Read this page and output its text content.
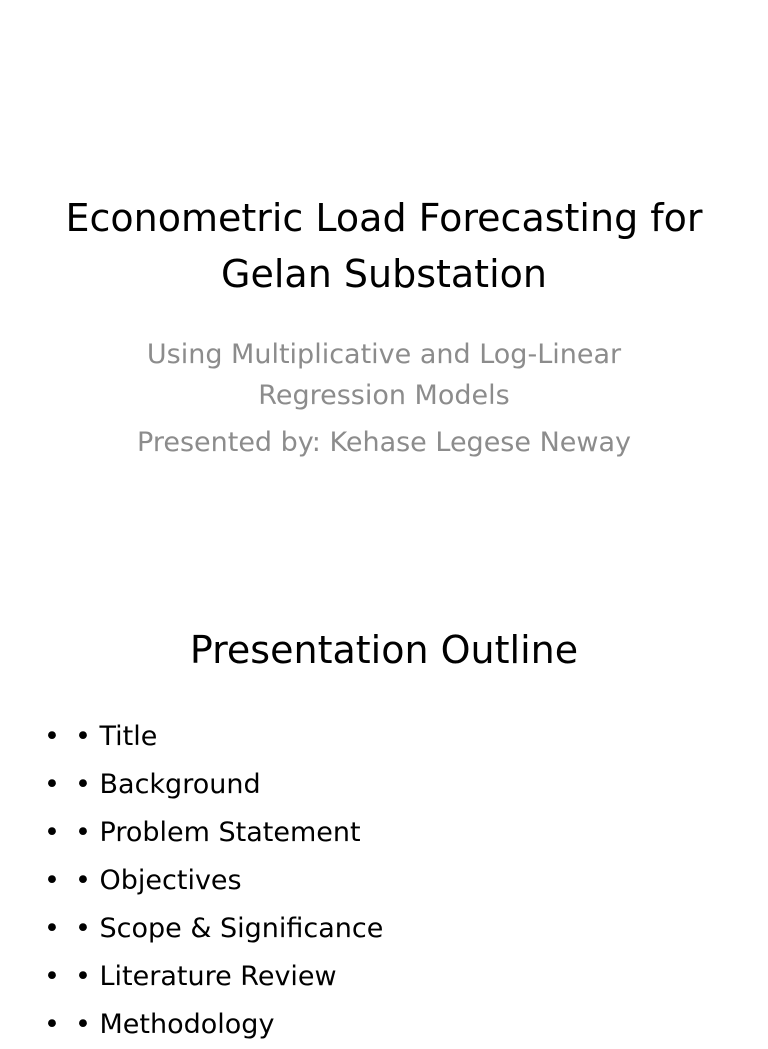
Econometric Load Forecasting for Gelan Substation
Using Multiplicative and Log-Linear Regression Models
Presented by: Kehase Legese Neway
Presentation Outline
• • Title
• • Background
• • Problem Statement
• • Objectives
• • Scope & Significance
• • Literature Review
• • Methodology
